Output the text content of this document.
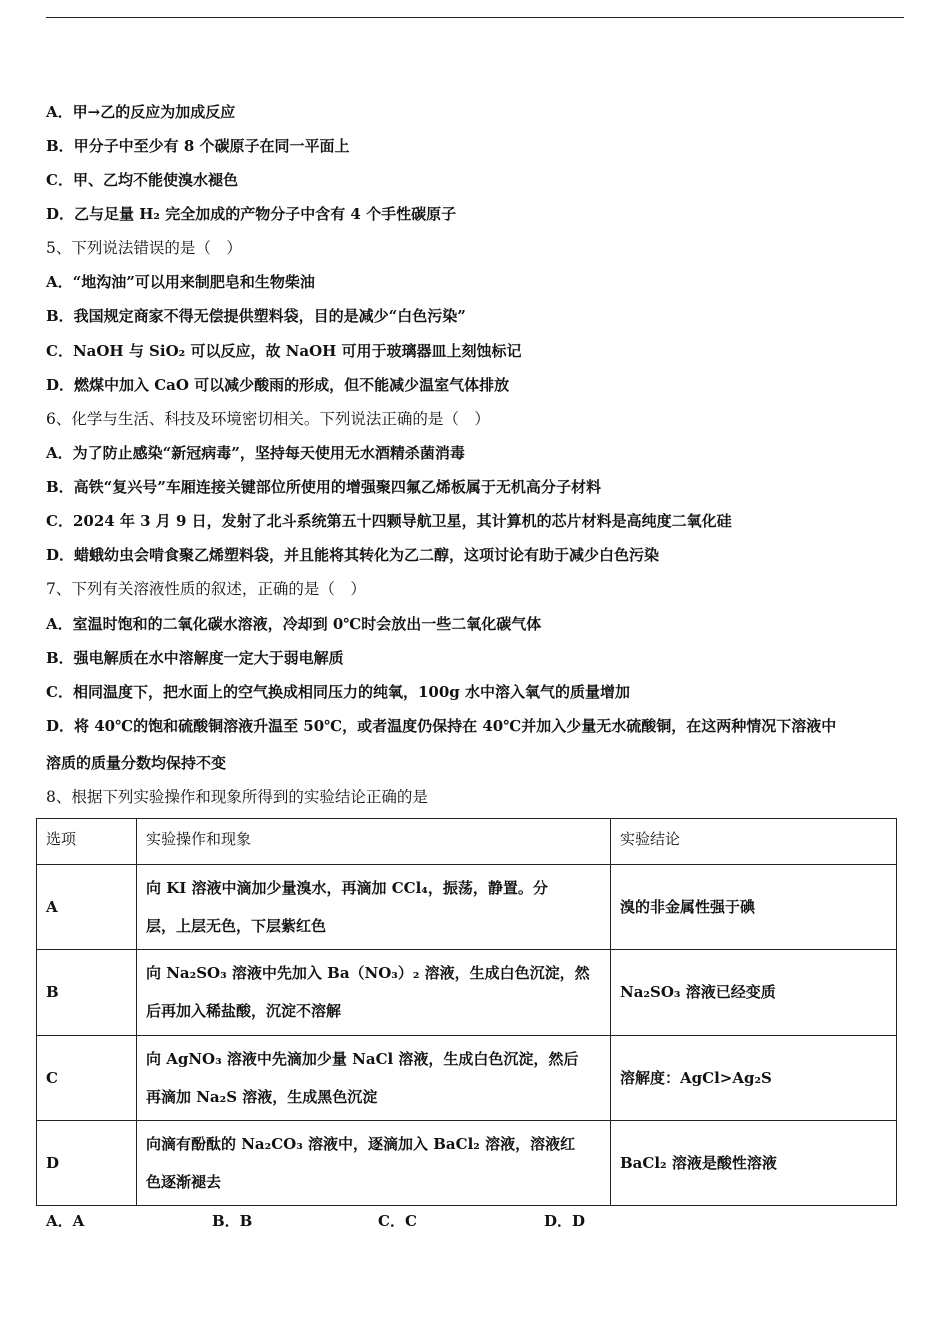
A．甲→乙的反应为加成反应
B．甲分子中至少有 8 个碳原子在同一平面上
C．甲、乙均不能使溴水褪色
D．乙与足量 H₂ 完全加成的产物分子中含有 4 个手性碳原子
5、下列说法错误的是（　）
A．“地沟油”可以用来制肥皂和生物柴油
B．我国规定商家不得无偿提供塑料袋，目的是减少“白色污染”
C．NaOH 与 SiO₂ 可以反应，故 NaOH 可用于玻璃器皿上刻蚀标记
D．燃煤中加入 CaO 可以减少酸雨的形成，但不能减少温室气体排放
6、化学与生活、科技及环境密切相关。下列说法正确的是（　）
A．为了防止感染“新冠病毒”，坚持每天使用无水酒精杀菌消毒
B．高铁“复兴号”车厢连接关键部位所使用的增强聚四氟乙烯板属于无机高分子材料
C．2024 年 3 月 9 日，发射了北斗系统第五十四颗导航卫星，其计算机的芯片材料是高纯度二氧化硅
D．蜡蛾幼虫会啃食聚乙烯塑料袋，并且能将其转化为乙二醇，这项讨论有助于减少白色污染
7、下列有关溶液性质的叙述，正确的是（　）
A．室温时饱和的二氧化碳水溶液，冷却到 0℃时会放出一些二氧化碳气体
B．强电解质在水中溶解度一定大于弱电解质
C．相同温度下，把水面上的空气换成相同压力的纯氧，100g 水中溶入氧气的质量增加
D．将 40℃的饱和硫酸铜溶液升温至 50℃，或者温度仍保持在 40℃并加入少量无水硫酸铜，在这两种情况下溶液中
溶质的质量分数均保持不变
8、根据下列实验操作和现象所得到的实验结论正确的是
选项	实验操作和现象	实验结论
A	向 KI 溶液中滴加少量溴水，再滴加 CCl₄，振荡，静置。分
层，上层无色，下层紫红色	溴的非金属性强于碘
B	向 Na₂SO₃ 溶液中先加入 Ba（NO₃）₂ 溶液，生成白色沉淀，然
后再加入稀盐酸，沉淀不溶解	Na₂SO₃ 溶液已经变质
C	向 AgNO₃ 溶液中先滴加少量 NaCl 溶液，生成白色沉淀，然后
再滴加 Na₂S 溶液，生成黑色沉淀	溶解度：AgCl>Ag₂S
D	向滴有酚酞的 Na₂CO₃ 溶液中，逐滴加入 BaCl₂ 溶液，溶液红
色逐渐褪去	BaCl₂ 溶液是酸性溶液
A．A	B．B	C．C	D．D
